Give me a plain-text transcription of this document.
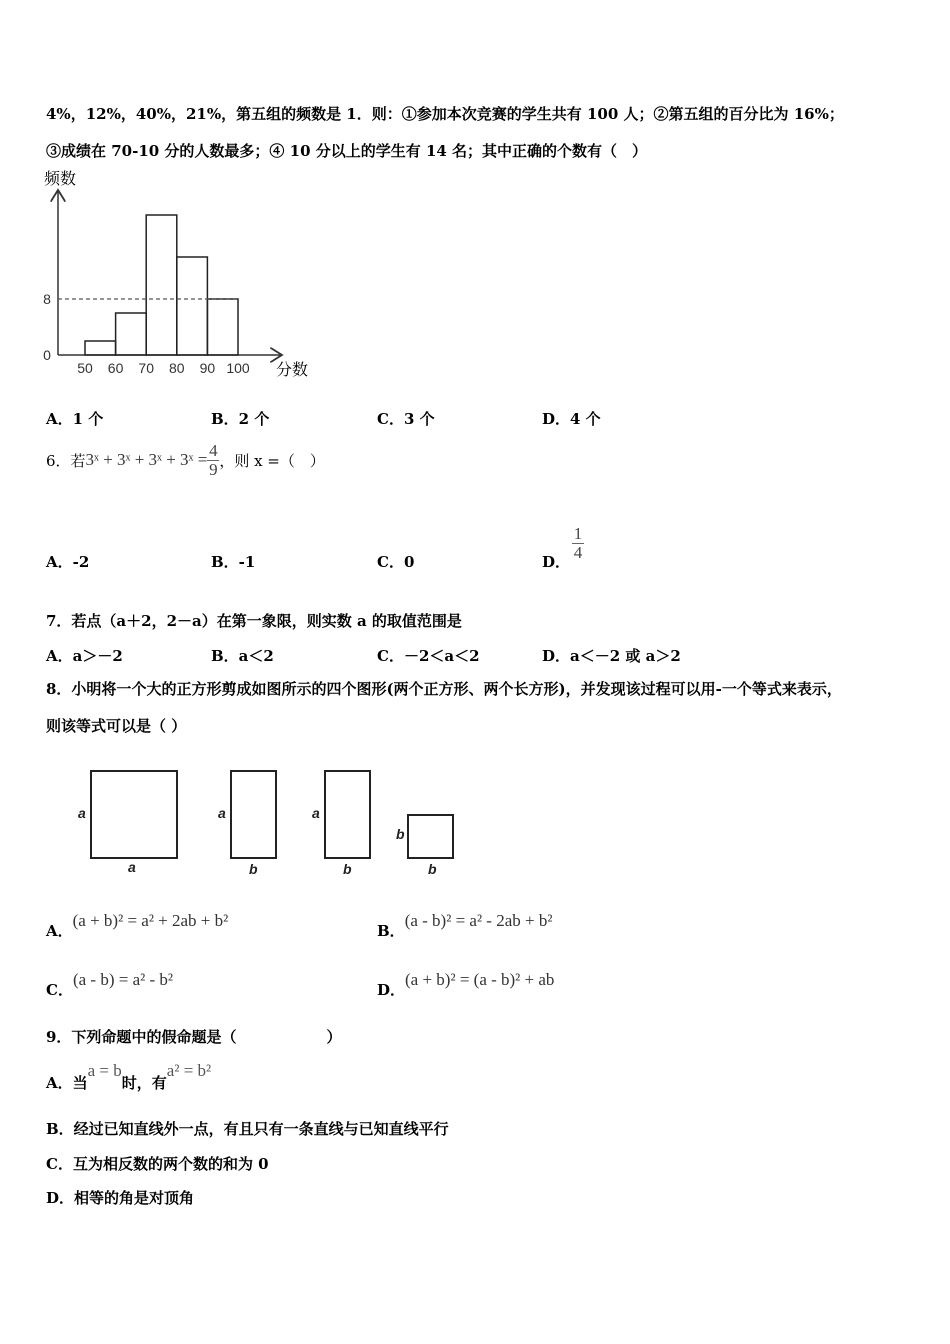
4%，12%，40%，21%，第五组的频数是 1．则：①参加本次竞赛的学生共有 100 人；②第五组的百分比为 16%；
③成绩在 70-10 分的人数最多；④ 10 分以上的学生有 14 名；其中正确的个数有（　）
频数
分数
50 60 70 80 90 100
0
8
A．1 个	B．2 个	C．3 个	D．4 个
6．若3ˣ + 3ˣ + 3ˣ + 3ˣ = $\frac{4}{9}$ ，则 x =（　）
A．-2	B．-1	C．0	D． $\frac{1}{4}$
7．若点（a＋2，2－a）在第一象限，则实数 a 的取值范围是
A．a＞－2	B．a＜2	C．－2＜a＜2	D．a＜－2 或 a＞2
8．小明将一个大的正方形剪成如图所示的四个图形(两个正方形、两个长方形)，并发现该过程可以用-一个等式来表示，
则该等式可以是（ ）
a
a
a
b
a
b
b
b
A．(a + b)² = a² + 2ab + b²
B．(a - b)² = a² - 2ab + b²
C．(a - b) = a² - b²
D．(a + b)² = (a - b)² + ab
9．下列命题中的假命题是（　　　　　　）
A．当a = b时，有a² = b²
B．经过已知直线外一点，有且只有一条直线与已知直线平行
C．互为相反数的两个数的和为 0
D．相等的角是对顶角
